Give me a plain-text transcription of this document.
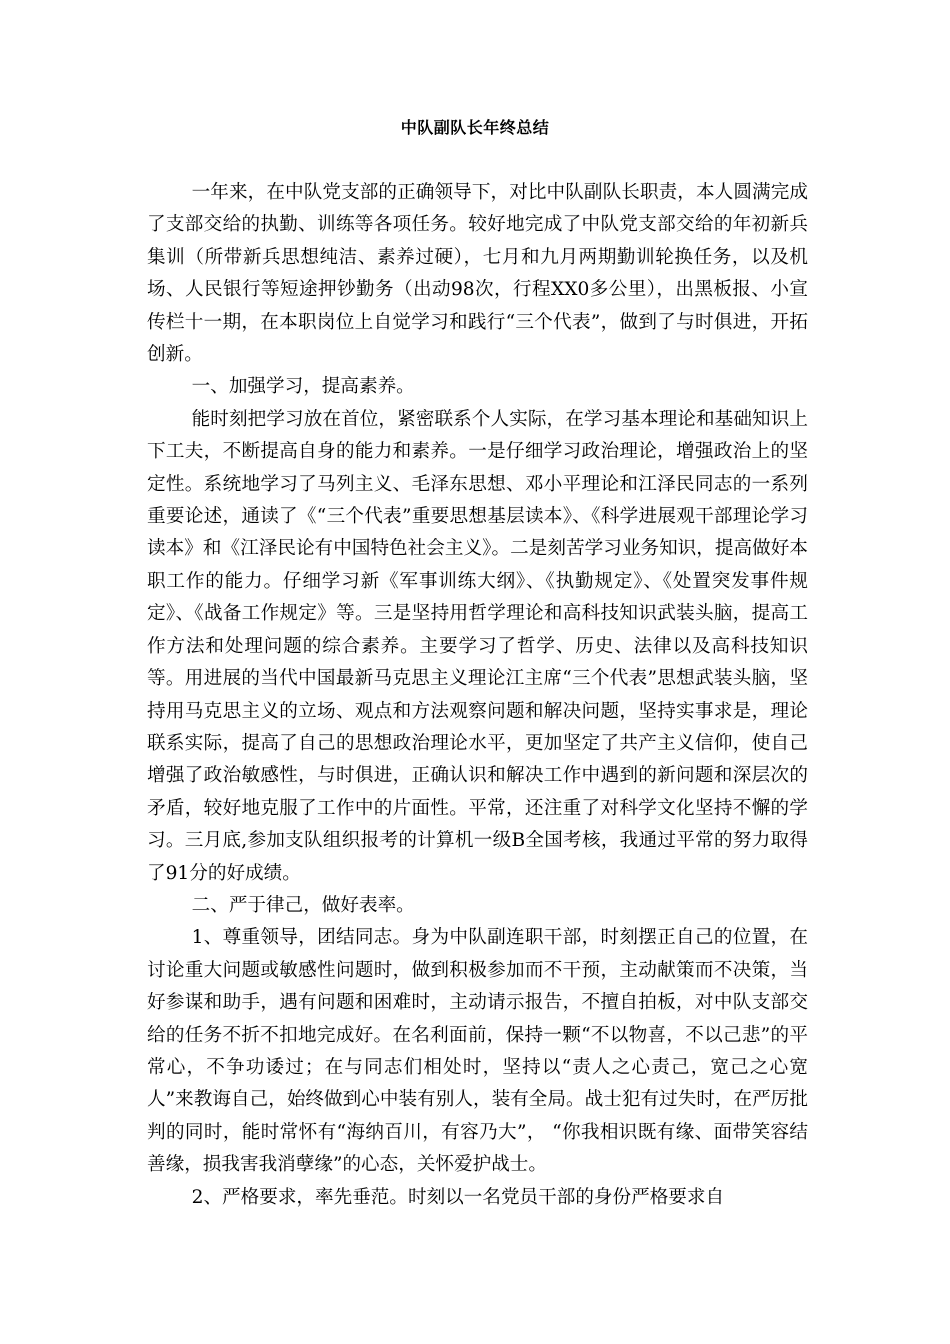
中队副队长年终总结

一年来，在中队党支部的正确领导下，对比中队副队长职责，本人圆满完成了支部交给的执勤、训练等各项任务。较好地完成了中队党支部交给的年初新兵集训（所带新兵思想纯洁、素养过硬），七月和九月两期勤训轮换任务，以及机场、人民银行等短途押钞勤务（出动98次，行程XX0多公里），出黑板报、小宣传栏十一期，在本职岗位上自觉学习和践行“三个代表”，做到了与时俱进，开拓创新。

一、加强学习，提高素养。

能时刻把学习放在首位，紧密联系个人实际，在学习基本理论和基础知识上下工夫，不断提高自身的能力和素养。一是仔细学习政治理论，增强政治上的坚定性。系统地学习了马列主义、毛泽东思想、邓小平理论和江泽民同志的一系列重要论述，通读了《“三个代表”重要思想基层读本》、《科学进展观干部理论学习读本》和《江泽民论有中国特色社会主义》。二是刻苦学习业务知识，提高做好本职工作的能力。仔细学习新《军事训练大纲》、《执勤规定》、《处置突发事件规定》、《战备工作规定》等。三是坚持用哲学理论和高科技知识武装头脑，提高工作方法和处理问题的综合素养。主要学习了哲学、历史、法律以及高科技知识等。用进展的当代中国最新马克思主义理论江主席“三个代表”思想武装头脑，坚持用马克思主义的立场、观点和方法观察问题和解决问题，坚持实事求是，理论联系实际，提高了自己的思想政治理论水平，更加坚定了共产主义信仰，使自己增强了政治敏感性，与时俱进，正确认识和解决工作中遇到的新问题和深层次的矛盾，较好地克服了工作中的片面性。平常，还注重了对科学文化坚持不懈的学习。三月底,参加支队组织报考的计算机一级B全国考核，我通过平常的努力取得了91分的好成绩。

二、严于律己，做好表率。

1、尊重领导，团结同志。身为中队副连职干部，时刻摆正自己的位置，在讨论重大问题或敏感性问题时，做到积极参加而不干预，主动献策而不决策，当好参谋和助手，遇有问题和困难时，主动请示报告，不擅自拍板，对中队支部交给的任务不折不扣地完成好。在名利面前，保持一颗“不以物喜，不以己悲”的平常心，不争功诿过；在与同志们相处时，坚持以“责人之心责己，宽己之心宽人”来教诲自己，始终做到心中装有别人，装有全局。战士犯有过失时，在严厉批判的同时，能时常怀有“海纳百川，有容乃大”， “你我相识既有缘、面带笑容结善缘，损我害我消孽缘”的心态，关怀爱护战士。

2、严格要求，率先垂范。时刻以一名党员干部的身份严格要求自
